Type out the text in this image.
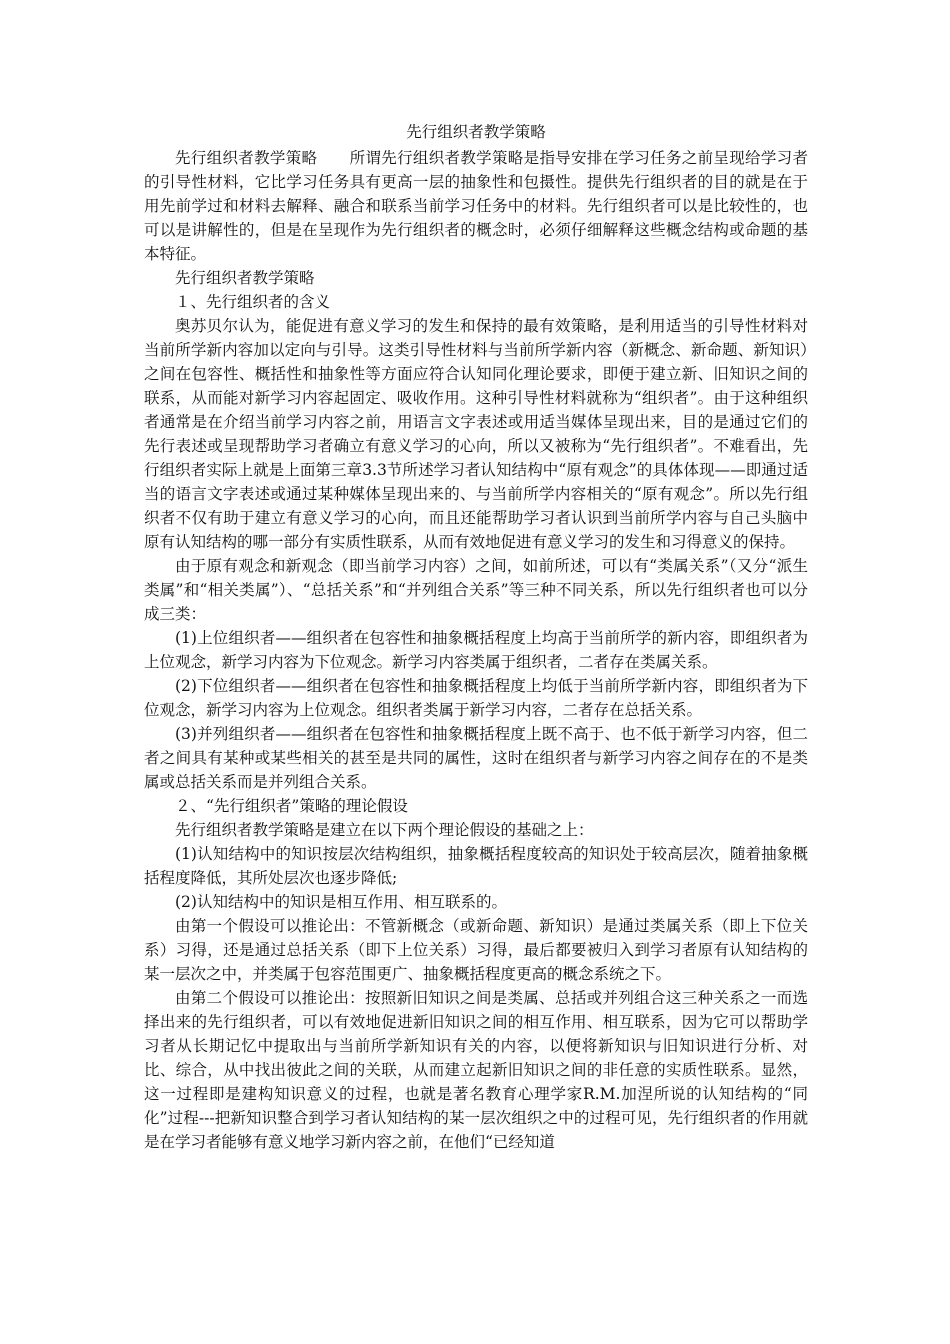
先行组织者教学策略

先行组织者教学策略 所谓先行组织者教学策略是指导安排在学习任务之前呈现给学习者的引导性材料，它比学习任务具有更高一层的抽象性和包摄性。提供先行组织者的目的就是在于用先前学过和材料去解释、融合和联系当前学习任务中的材料。先行组织者可以是比较性的，也可以是讲解性的，但是在呈现作为先行组织者的概念时，必须仔细解释这些概念结构或命题的基本特征。

先行组织者教学策略

１、先行组织者的含义

奥苏贝尔认为，能促进有意义学习的发生和保持的最有效策略，是利用适当的引导性材料对当前所学新内容加以定向与引导。这类引导性材料与当前所学新内容（新概念、新命题、新知识）之间在包容性、概括性和抽象性等方面应符合认知同化理论要求，即便于建立新、旧知识之间的联系，从而能对新学习内容起固定、吸收作用。这种引导性材料就称为“组织者”。由于这种组织者通常是在介绍当前学习内容之前，用语言文字表述或用适当媒体呈现出来，目的是通过它们的先行表述或呈现帮助学习者确立有意义学习的心向，所以又被称为“先行组织者”。不难看出，先行组织者实际上就是上面第三章3.3节所述学习者认知结构中“原有观念”的具体体现——即通过适当的语言文字表述或通过某种媒体呈现出来的、与当前所学内容相关的“原有观念”。所以先行组织者不仅有助于建立有意义学习的心向，而且还能帮助学习者认识到当前所学内容与自己头脑中原有认知结构的哪一部分有实质性联系，从而有效地促进有意义学习的发生和习得意义的保持。

由于原有观念和新观念（即当前学习内容）之间，如前所述，可以有“类属关系”（又分“派生类属”和“相关类属”）、“总括关系”和“并列组合关系”等三种不同关系，所以先行组织者也可以分成三类：

(1)上位组织者——组织者在包容性和抽象概括程度上均高于当前所学的新内容，即组织者为上位观念，新学习内容为下位观念。新学习内容类属于组织者，二者存在类属关系。

(2)下位组织者——组织者在包容性和抽象概括程度上均低于当前所学新内容，即组织者为下位观念，新学习内容为上位观念。组织者类属于新学习内容，二者存在总括关系。

(3)并列组织者——组织者在包容性和抽象概括程度上既不高于、也不低于新学习内容，但二者之间具有某种或某些相关的甚至是共同的属性，这时在组织者与新学习内容之间存在的不是类属或总括关系而是并列组合关系。

２、“先行组织者”策略的理论假设

先行组织者教学策略是建立在以下两个理论假设的基础之上：

(1)认知结构中的知识按层次结构组织，抽象概括程度较高的知识处于较高层次，随着抽象概括程度降低，其所处层次也逐步降低;

(2)认知结构中的知识是相互作用、相互联系的。

由第一个假设可以推论出：不管新概念（或新命题、新知识）是通过类属关系（即上下位关系）习得，还是通过总括关系（即下上位关系）习得，最后都要被归入到学习者原有认知结构的某一层次之中，并类属于包容范围更广、抽象概括程度更高的概念系统之下。

由第二个假设可以推论出：按照新旧知识之间是类属、总括或并列组合这三种关系之一而选择出来的先行组织者，可以有效地促进新旧知识之间的相互作用、相互联系，因为它可以帮助学习者从长期记忆中提取出与当前所学新知识有关的内容，以便将新知识与旧知识进行分析、对比、综合，从中找出彼此之间的关联，从而建立起新旧知识之间的非任意的实质性联系。显然，这一过程即是建构知识意义的过程，也就是著名教育心理学家R.M.加涅所说的认知结构的“同化”过程---把新知识整合到学习者认知结构的某一层次组织之中的过程可见，先行组织者的作用就是在学习者能够有意义地学习新内容之前，在他们“已经知道
